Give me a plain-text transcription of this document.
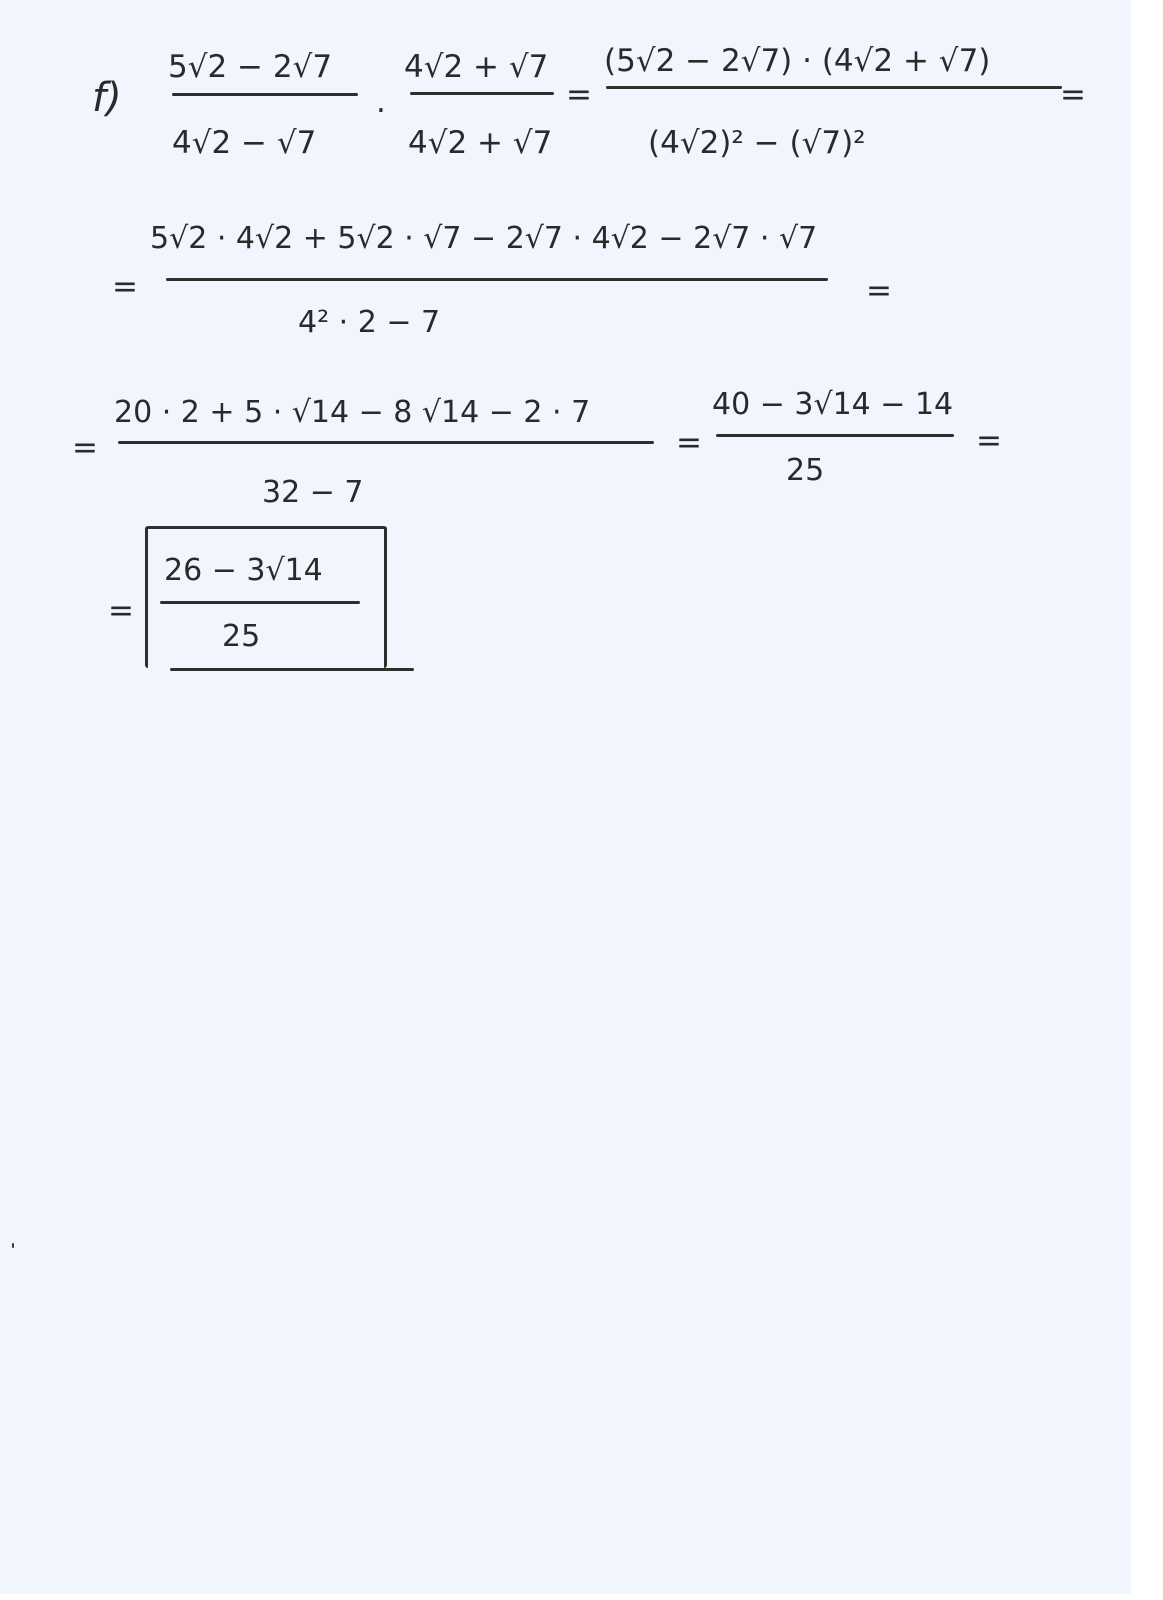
f)
5√2 − 2√7
4√2 − √7
·
4√2 + √7
4√2 + √7
=
(5√2 − 2√7) · (4√2 + √7)
(4√2)² − (√7)²
=
=
5√2 · 4√2 + 5√2 · √7 − 2√7 · 4√2 − 2√7 · √7
4² · 2 − 7
=
=
20 · 2 + 5 · √14 − 8 √14 − 2 · 7
32 − 7
=
40 − 3√14 − 14
25
=
=
26 − 3√14
25
